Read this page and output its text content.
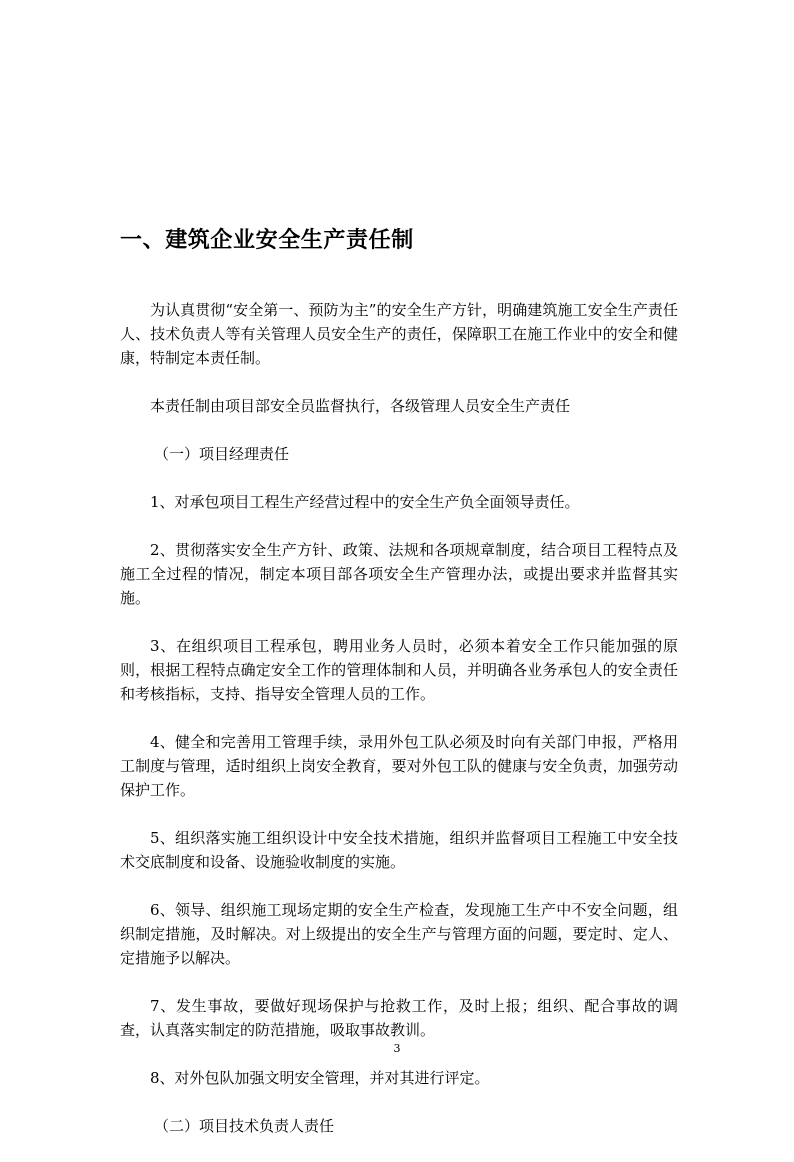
一、建筑企业安全生产责任制

为认真贯彻“安全第一、预防为主”的安全生产方针，明确建筑施工安全生产责任人、技术负责人等有关管理人员安全生产的责任，保障职工在施工作业中的安全和健康，特制定本责任制。

本责任制由项目部安全员监督执行，各级管理人员安全生产责任

（一）项目经理责任

1、对承包项目工程生产经营过程中的安全生产负全面领导责任。

2、贯彻落实安全生产方针、政策、法规和各项规章制度，结合项目工程特点及施工全过程的情况，制定本项目部各项安全生产管理办法，或提出要求并监督其实施。

3、在组织项目工程承包，聘用业务人员时，必须本着安全工作只能加强的原则，根据工程特点确定安全工作的管理体制和人员，并明确各业务承包人的安全责任和考核指标，支持、指导安全管理人员的工作。

4、健全和完善用工管理手续，录用外包工队必须及时向有关部门申报，严格用工制度与管理，适时组织上岗安全教育，要对外包工队的健康与安全负责，加强劳动保护工作。

5、组织落实施工组织设计中安全技术措施，组织并监督项目工程施工中安全技术交底制度和设备、设施验收制度的实施。

6、领导、组织施工现场定期的安全生产检查，发现施工生产中不安全问题，组织制定措施，及时解决。对上级提出的安全生产与管理方面的问题，要定时、定人、定措施予以解决。

7、发生事故，要做好现场保护与抢救工作，及时上报；组织、配合事故的调查，认真落实制定的防范措施，吸取事故教训。

8、对外包队加强文明安全管理，并对其进行评定。

（二）项目技术负责人责任

3
